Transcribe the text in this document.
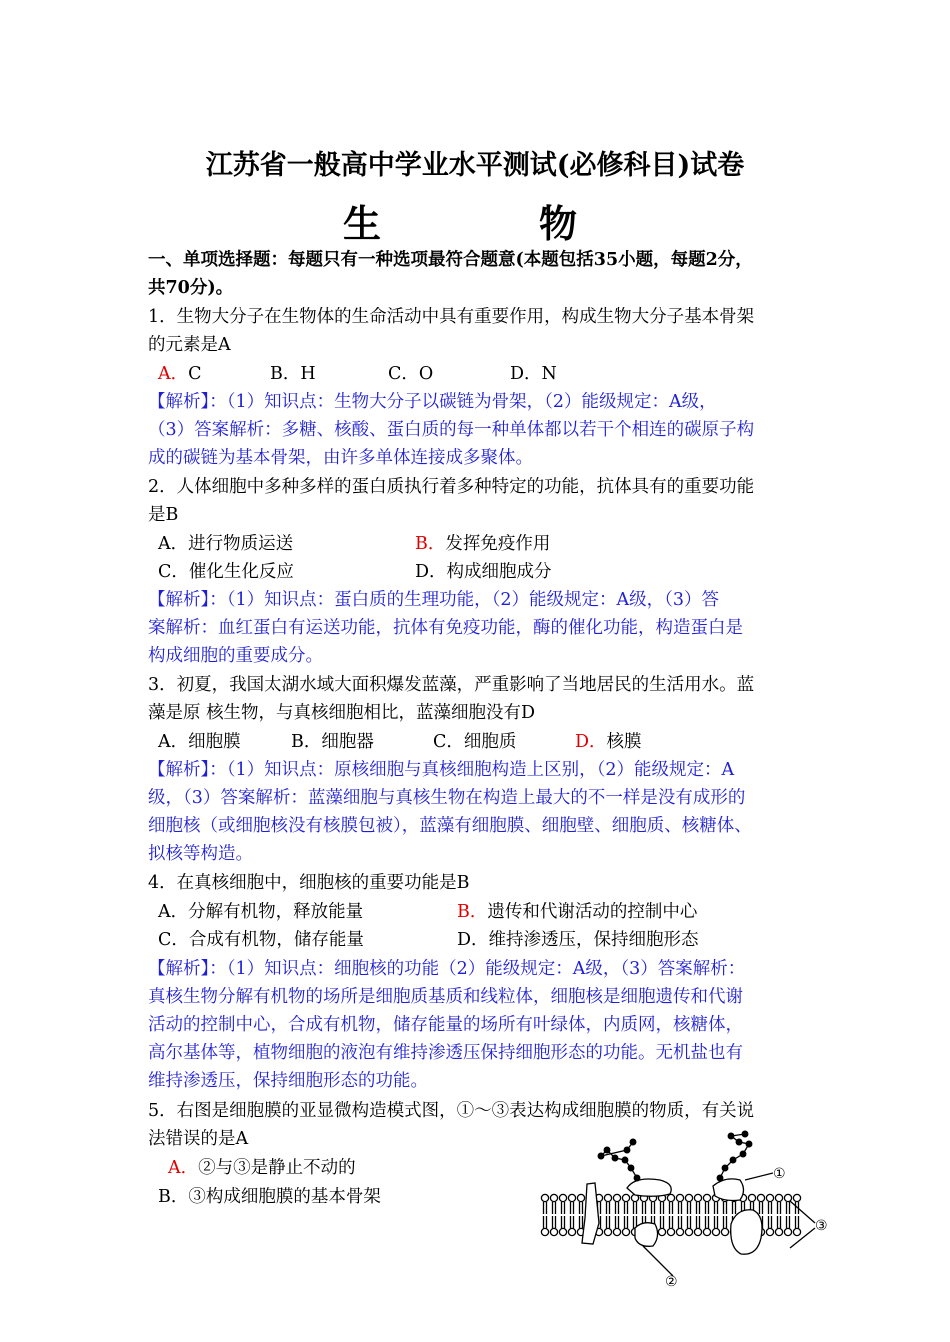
江苏省一般高中学业水平测试(必修科目)试卷
生　物
一、单项选择题：每题只有一种选项最符合题意(本题包括35小题，每题2分，
共70分)。
1．生物大分子在生物体的生命活动中具有重要作用，构成生物大分子基本骨架
的元素是A
A．C	B．H	C．O	D．N
【解析】：（1）知识点：生物大分子以碳链为骨架，（2）能级规定：A级，
（3）答案解析：多糖、核酸、蛋白质的每一种单体都以若干个相连的碳原子构
成的碳链为基本骨架，由许多单体连接成多聚体。
2．人体细胞中多种多样的蛋白质执行着多种特定的功能，抗体具有的重要功能
是B
A．进行物质运送	B．发挥免疫作用
C．催化生化反应	D．构成细胞成分
【解析】：（1）知识点：蛋白质的生理功能，（2）能级规定：A级，（3）答
案解析：血红蛋白有运送功能，抗体有免疫功能，酶的催化功能，构造蛋白是
构成细胞的重要成分。
3．初夏，我国太湖水域大面积爆发蓝藻，严重影响了当地居民的生活用水。蓝
藻是原 核生物，与真核细胞相比，蓝藻细胞没有D
A．细胞膜	B．细胞器	C．细胞质	D．核膜
【解析】：（1）知识点：原核细胞与真核细胞构造上区别，（2）能级规定：A
级，（3）答案解析：蓝藻细胞与真核生物在构造上最大的不一样是没有成形的
细胞核（或细胞核没有核膜包被），蓝藻有细胞膜、细胞壁、细胞质、核糖体、
拟核等构造。
4．在真核细胞中，细胞核的重要功能是B
A．分解有机物，释放能量	B．遗传和代谢活动的控制中心
C．合成有机物，储存能量	D．维持渗透压，保持细胞形态
【解析】：（1）知识点：细胞核的功能（2）能级规定：A级，（3）答案解析：
真核生物分解有机物的场所是细胞质基质和线粒体，细胞核是细胞遗传和代谢
活动的控制中心，合成有机物，储存能量的场所有叶绿体，内质网，核糖体，
高尔基体等，植物细胞的液泡有维持渗透压保持细胞形态的功能。无机盐也有
维持渗透压，保持细胞形态的功能。
5．右图是细胞膜的亚显微构造模式图，①～③表达构成细胞膜的物质，有关说
法错误的是A
A．②与③是静止不动的
B．③构成细胞膜的基本骨架
①
③
②
